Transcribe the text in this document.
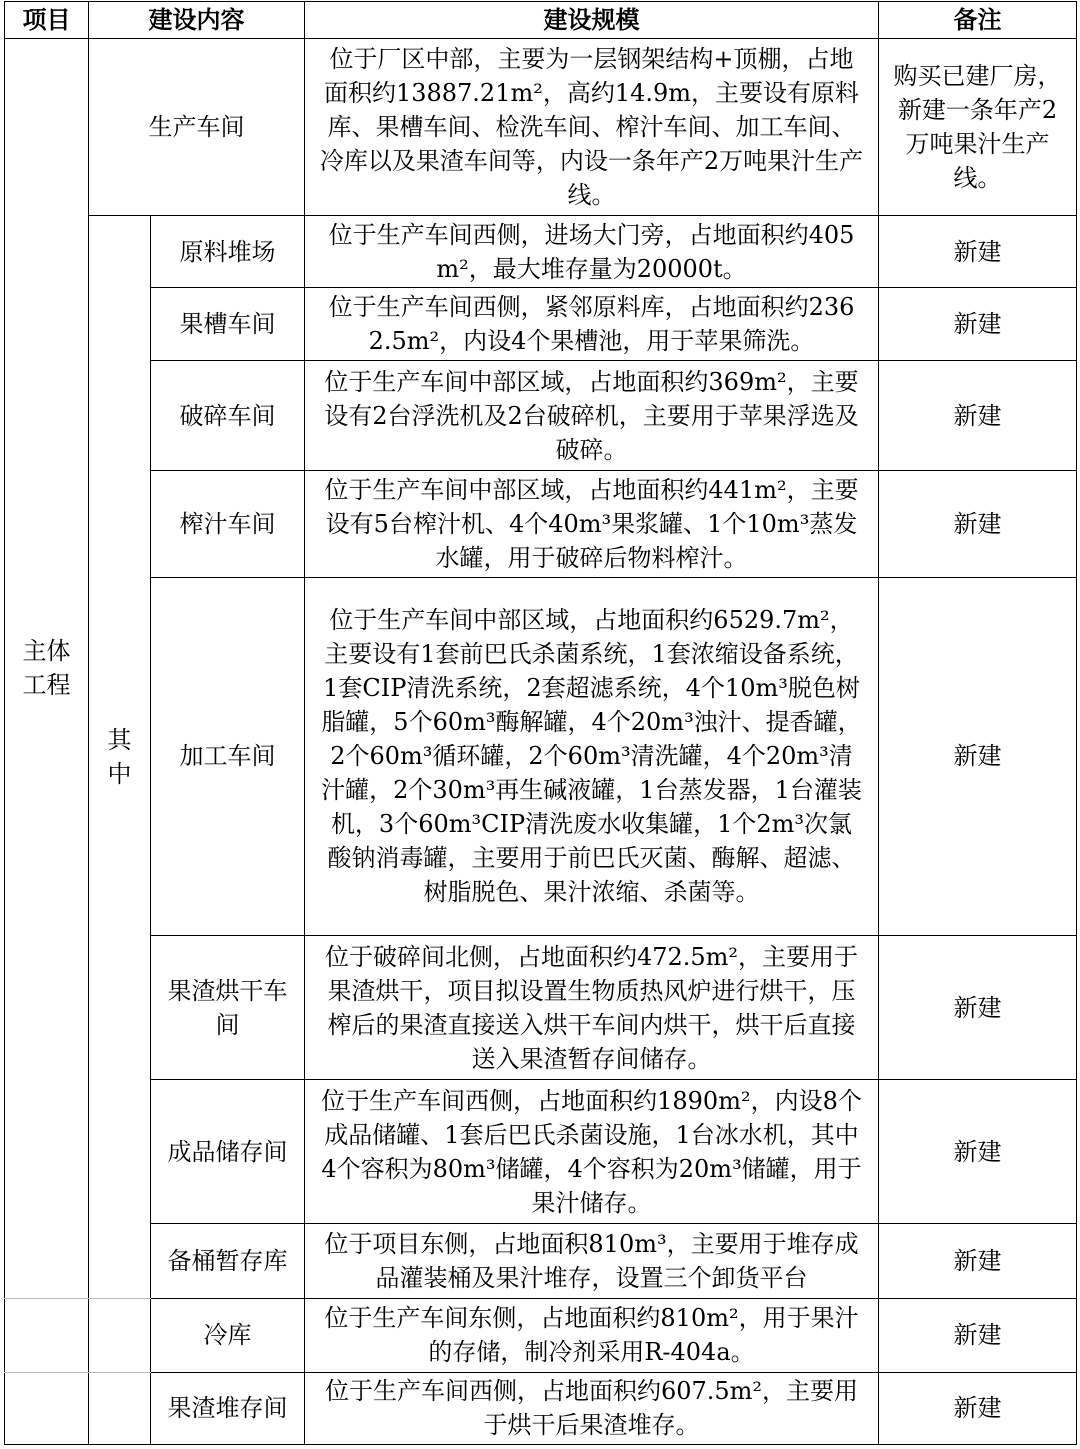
项目	建设内容		建设规模	备注
主体工程	生产车间		位于厂区中部，主要为一层钢架结构+顶棚，占地面积约13887.21m²，高约14.9m，主要设有原料库、果槽车间、检洗车间、榨汁车间、加工车间、冷库以及果渣车间等，内设一条年产2万吨果汁生产线。	购买已建厂房，新建一条年产2万吨果汁生产线。
	其中	原料堆场	位于生产车间西侧，进场大门旁，占地面积约405m²，最大堆存量为20000t。	新建
		果槽车间	位于生产车间西侧，紧邻原料库，占地面积约2362.5m²，内设4个果槽池，用于苹果筛洗。	新建
		破碎车间	位于生产车间中部区域，占地面积约369m²，主要设有2台浮洗机及2台破碎机，主要用于苹果浮选及破碎。	新建
		榨汁车间	位于生产车间中部区域，占地面积约441m²，主要设有5台榨汁机、4个40m³果浆罐、1个10m³蒸发水罐，用于破碎后物料榨汁。	新建
		加工车间	位于生产车间中部区域，占地面积约6529.7m²，主要设有1套前巴氏杀菌系统，1套浓缩设备系统，1套CIP清洗系统，2套超滤系统，4个10m³脱色树脂罐，5个60m³酶解罐，4个20m³浊汁、提香罐，2个60m³循环罐，2个60m³清洗罐，4个20m³清汁罐，2个30m³再生碱液罐，1台蒸发器，1台灌装机，3个60m³CIP清洗废水收集罐，1个2m³次氯酸钠消毒罐，主要用于前巴氏灭菌、酶解、超滤、树脂脱色、果汁浓缩、杀菌等。	新建
		果渣烘干车间	位于破碎间北侧，占地面积约472.5m²，主要用于果渣烘干，项目拟设置生物质热风炉进行烘干，压榨后的果渣直接送入烘干车间内烘干，烘干后直接送入果渣暂存间储存。	新建
		成品储存间	位于生产车间西侧，占地面积约1890m²，内设8个成品储罐、1套后巴氏杀菌设施，1台冰水机，其中4个容积为80m³储罐，4个容积为20m³储罐，用于果汁储存。	新建
		备桶暂存库	位于项目东侧，占地面积810m³，主要用于堆存成品灌装桶及果汁堆存，设置三个卸货平台	新建
		冷库	位于生产车间东侧，占地面积约810m²，用于果汁的存储，制冷剂采用R-404a。	新建
		果渣堆存间	位于生产车间西侧，占地面积约607.5m²，主要用于烘干后果渣堆存。	新建
